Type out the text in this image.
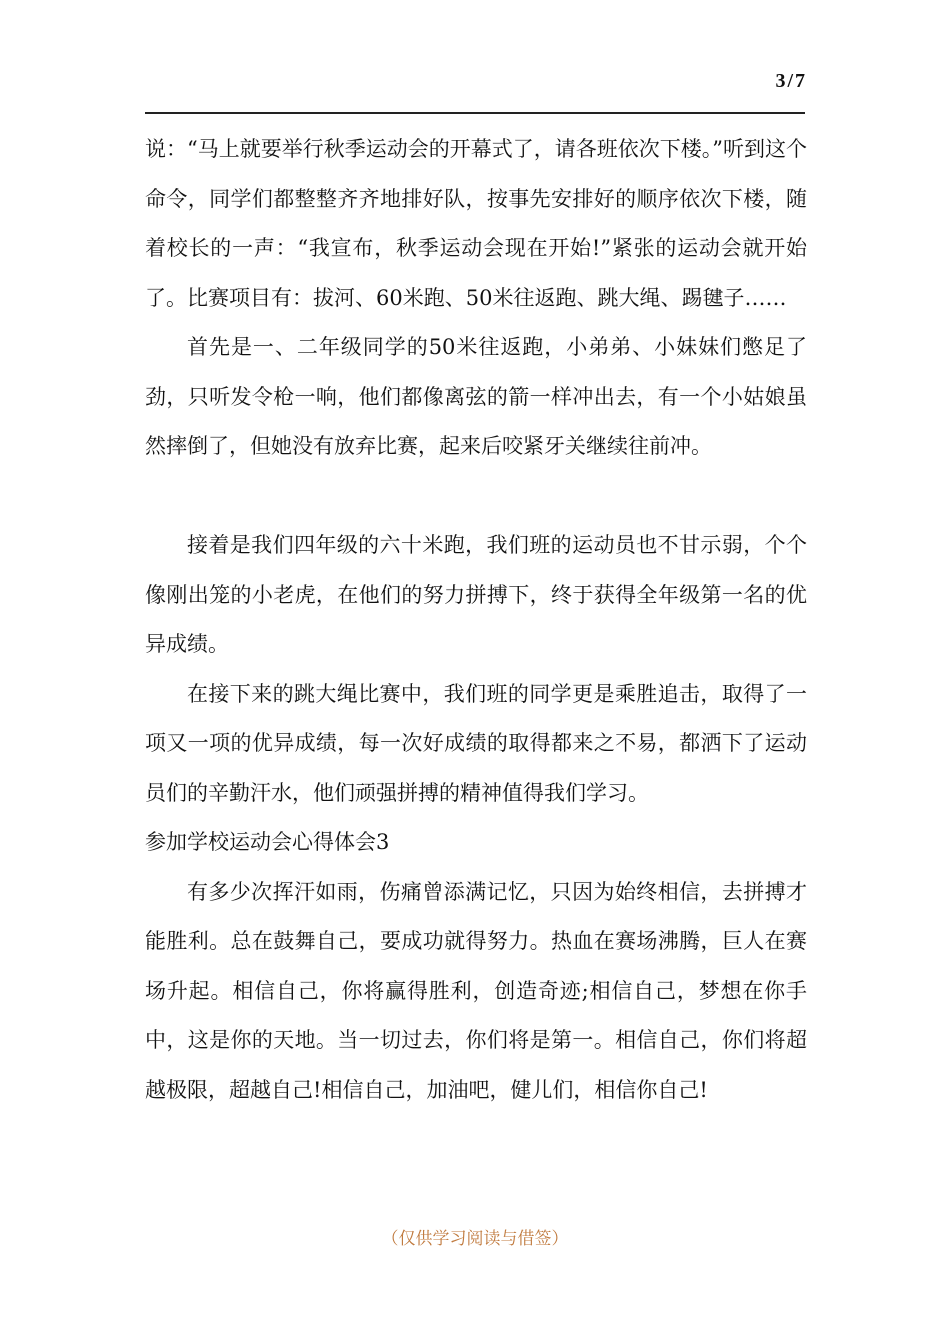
3/7

说：“马上就要举行秋季运动会的开幕式了，请各班依次下楼。”听到这个命令，同学们都整整齐齐地排好队，按事先安排好的顺序依次下楼，随着校长的一声：“我宣布，秋季运动会现在开始!”紧张的运动会就开始了。比赛项目有：拔河、60米跑、50米往返跑、跳大绳、踢毽子……

首先是一、二年级同学的50米往返跑，小弟弟、小妹妹们憋足了劲，只听发令枪一响，他们都像离弦的箭一样冲出去，有一个小姑娘虽然摔倒了，但她没有放弃比赛，起来后咬紧牙关继续往前冲。

接着是我们四年级的六十米跑，我们班的运动员也不甘示弱，个个像刚出笼的小老虎，在他们的努力拼搏下，终于获得全年级第一名的优异成绩。

在接下来的跳大绳比赛中，我们班的同学更是乘胜追击，取得了一项又一项的优异成绩，每一次好成绩的取得都来之不易，都洒下了运动员们的辛勤汗水，他们顽强拼搏的精神值得我们学习。

参加学校运动会心得体会3

有多少次挥汗如雨，伤痛曾添满记忆，只因为始终相信，去拼搏才能胜利。总在鼓舞自己，要成功就得努力。热血在赛场沸腾，巨人在赛场升起。相信自己，你将赢得胜利，创造奇迹;相信自己，梦想在你手中，这是你的天地。当一切过去，你们将是第一。相信自己，你们将超越极限，超越自己!相信自己，加油吧，健儿们，相信你自己!

（仅供学习阅读与借签）
